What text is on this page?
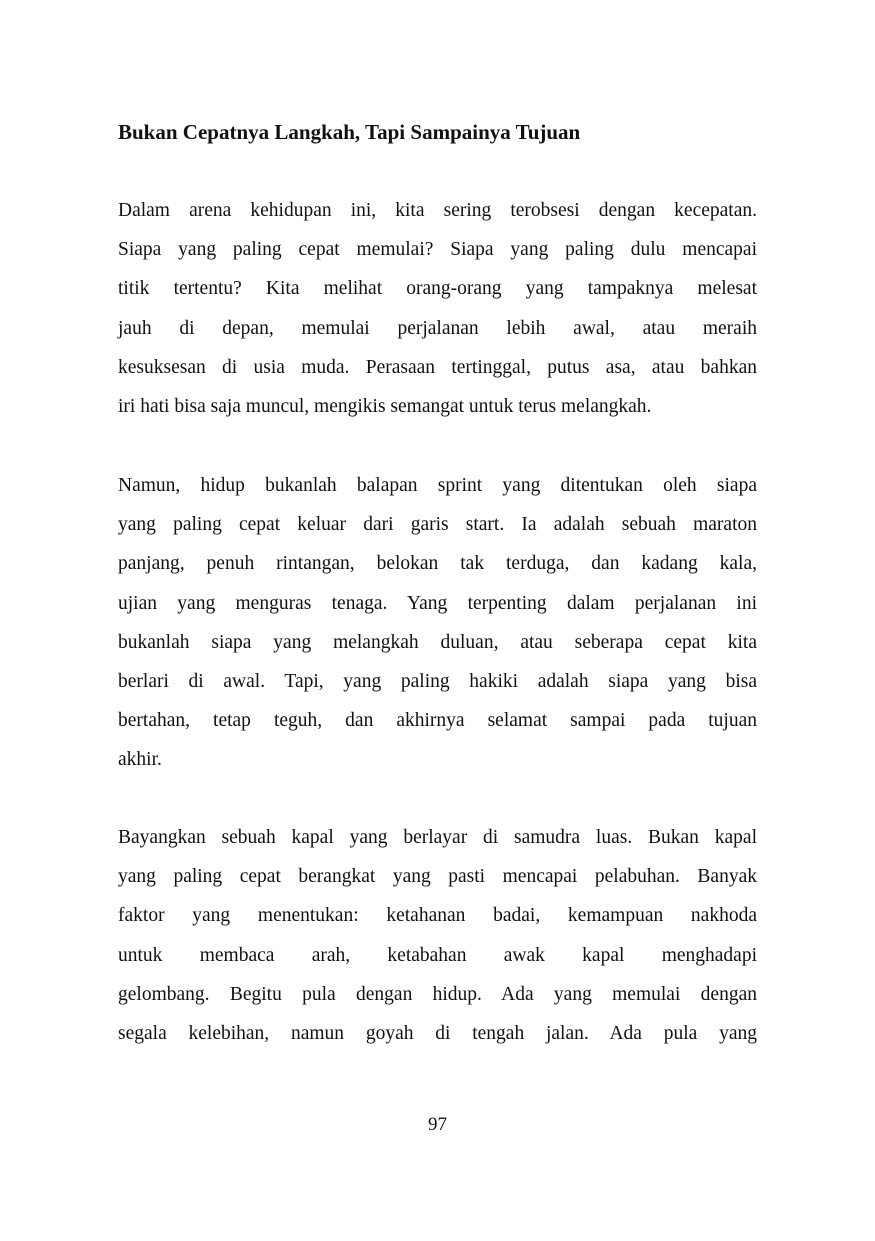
Bukan Cepatnya Langkah, Tapi Sampainya Tujuan

Dalam arena kehidupan ini, kita sering terobsesi dengan kecepatan.
Siapa yang paling cepat memulai? Siapa yang paling dulu mencapai
titik tertentu? Kita melihat orang-orang yang tampaknya melesat
jauh di depan, memulai perjalanan lebih awal, atau meraih
kesuksesan di usia muda. Perasaan tertinggal, putus asa, atau bahkan
iri hati bisa saja muncul, mengikis semangat untuk terus melangkah.

Namun, hidup bukanlah balapan sprint yang ditentukan oleh siapa
yang paling cepat keluar dari garis start. Ia adalah sebuah maraton
panjang, penuh rintangan, belokan tak terduga, dan kadang kala,
ujian yang menguras tenaga. Yang terpenting dalam perjalanan ini
bukanlah siapa yang melangkah duluan, atau seberapa cepat kita
berlari di awal. Tapi, yang paling hakiki adalah siapa yang bisa
bertahan, tetap teguh, dan akhirnya selamat sampai pada tujuan
akhir.

Bayangkan sebuah kapal yang berlayar di samudra luas. Bukan kapal
yang paling cepat berangkat yang pasti mencapai pelabuhan. Banyak
faktor yang menentukan: ketahanan badai, kemampuan nakhoda
untuk membaca arah, ketabahan awak kapal menghadapi
gelombang. Begitu pula dengan hidup. Ada yang memulai dengan
segala kelebihan, namun goyah di tengah jalan. Ada pula yang

97
